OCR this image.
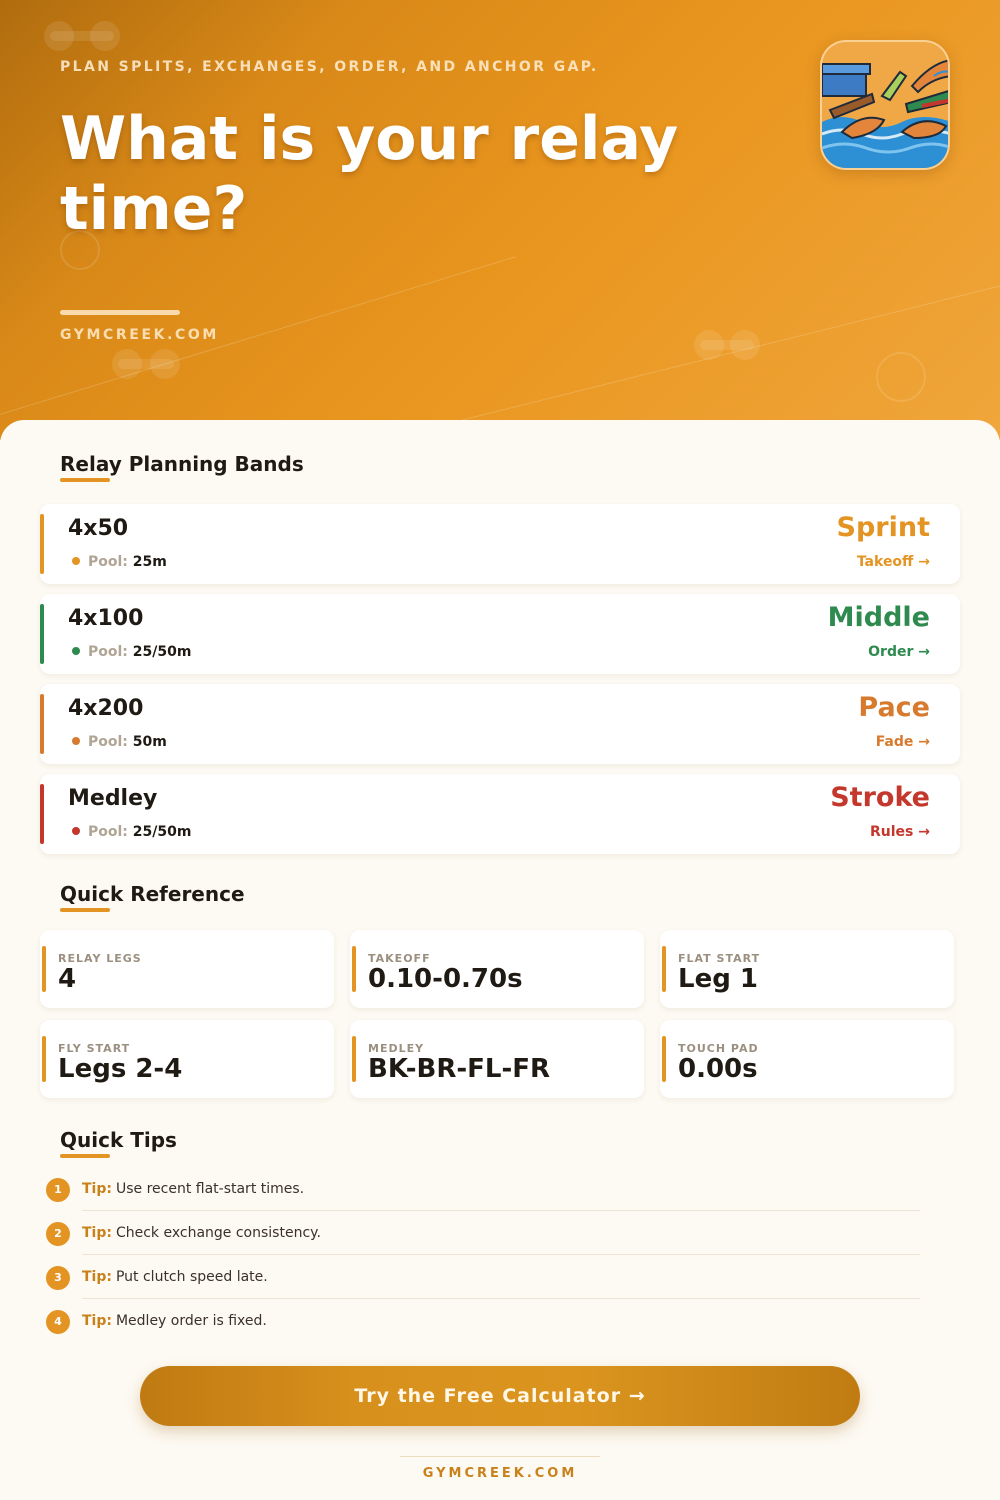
PLAN SPLITS, EXCHANGES, ORDER, AND ANCHOR GAP.
What is your relay time?
GYMCREEK.COM
Relay Planning Bands
4x50
Pool: 25m
Sprint
Takeoff →
4x100
Pool: 25/50m
Middle
Order →
4x200
Pool: 50m
Pace
Fade →
Medley
Pool: 25/50m
Stroke
Rules →
Quick Reference
RELAY LEGS
4
TAKEOFF
0.10-0.70s
FLAT START
Leg 1
FLY START
Legs 2-4
MEDLEY
BK-BR-FL-FR
TOUCH PAD
0.00s
Quick Tips
1	Tip: Use recent flat-start times.
2	Tip: Check exchange consistency.
3	Tip: Put clutch speed late.
4	Tip: Medley order is fixed.
Try the Free Calculator →
GYMCREEK.COM
